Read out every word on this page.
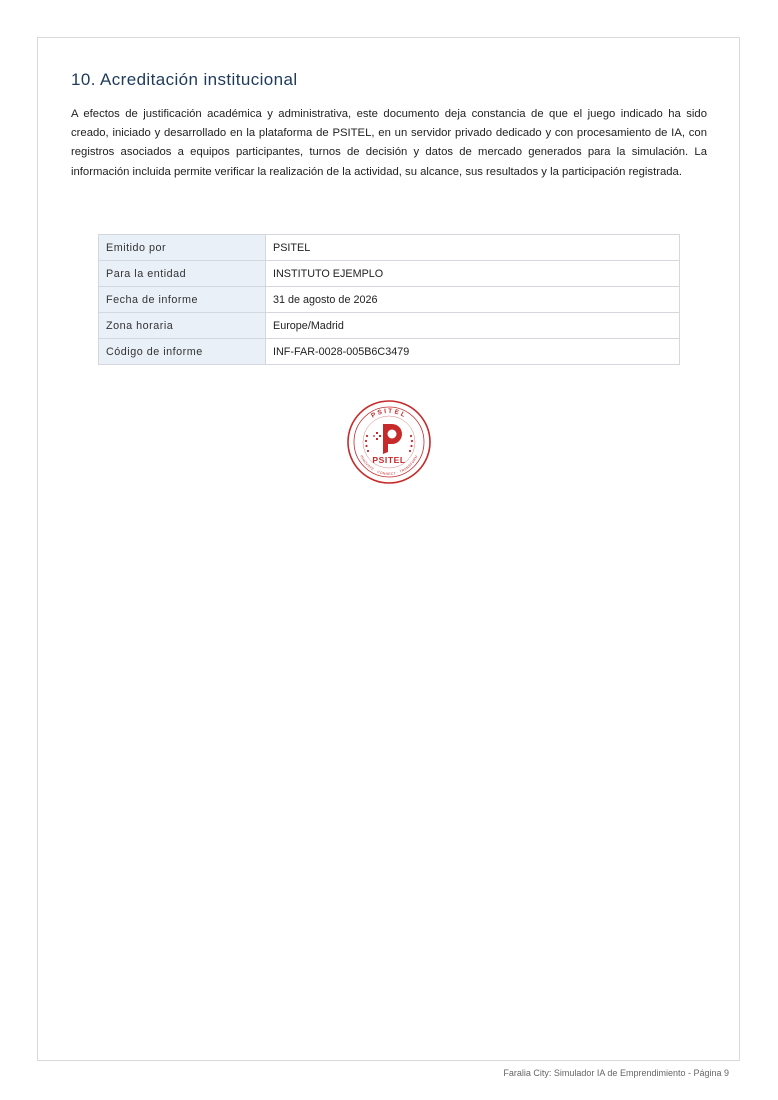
10. Acreditación institucional

A efectos de justificación académica y administrativa, este documento deja constancia de que el juego indicado ha sido creado, iniciado y desarrollado en la plataforma de PSITEL, en un servidor privado dedicado y con procesamiento de IA, con registros asociados a equipos participantes, turnos de decisión y datos de mercado generados para la simulación. La información incluida permite verificar la realización de la actividad, su alcance, sus resultados y la participación registrada.

Emitido por	PSITEL
Para la entidad	INSTITUTO EJEMPLO
Fecha de informe	31 de agosto de 2026
Zona horaria	Europe/Madrid
Código de informe	INF-FAR-0028-005B6C3479
PSITEL
INNOVATE · CONNECT · TRANSFORM
PSITEL
Faralia City: Simulador IA de Emprendimiento - Página 9
